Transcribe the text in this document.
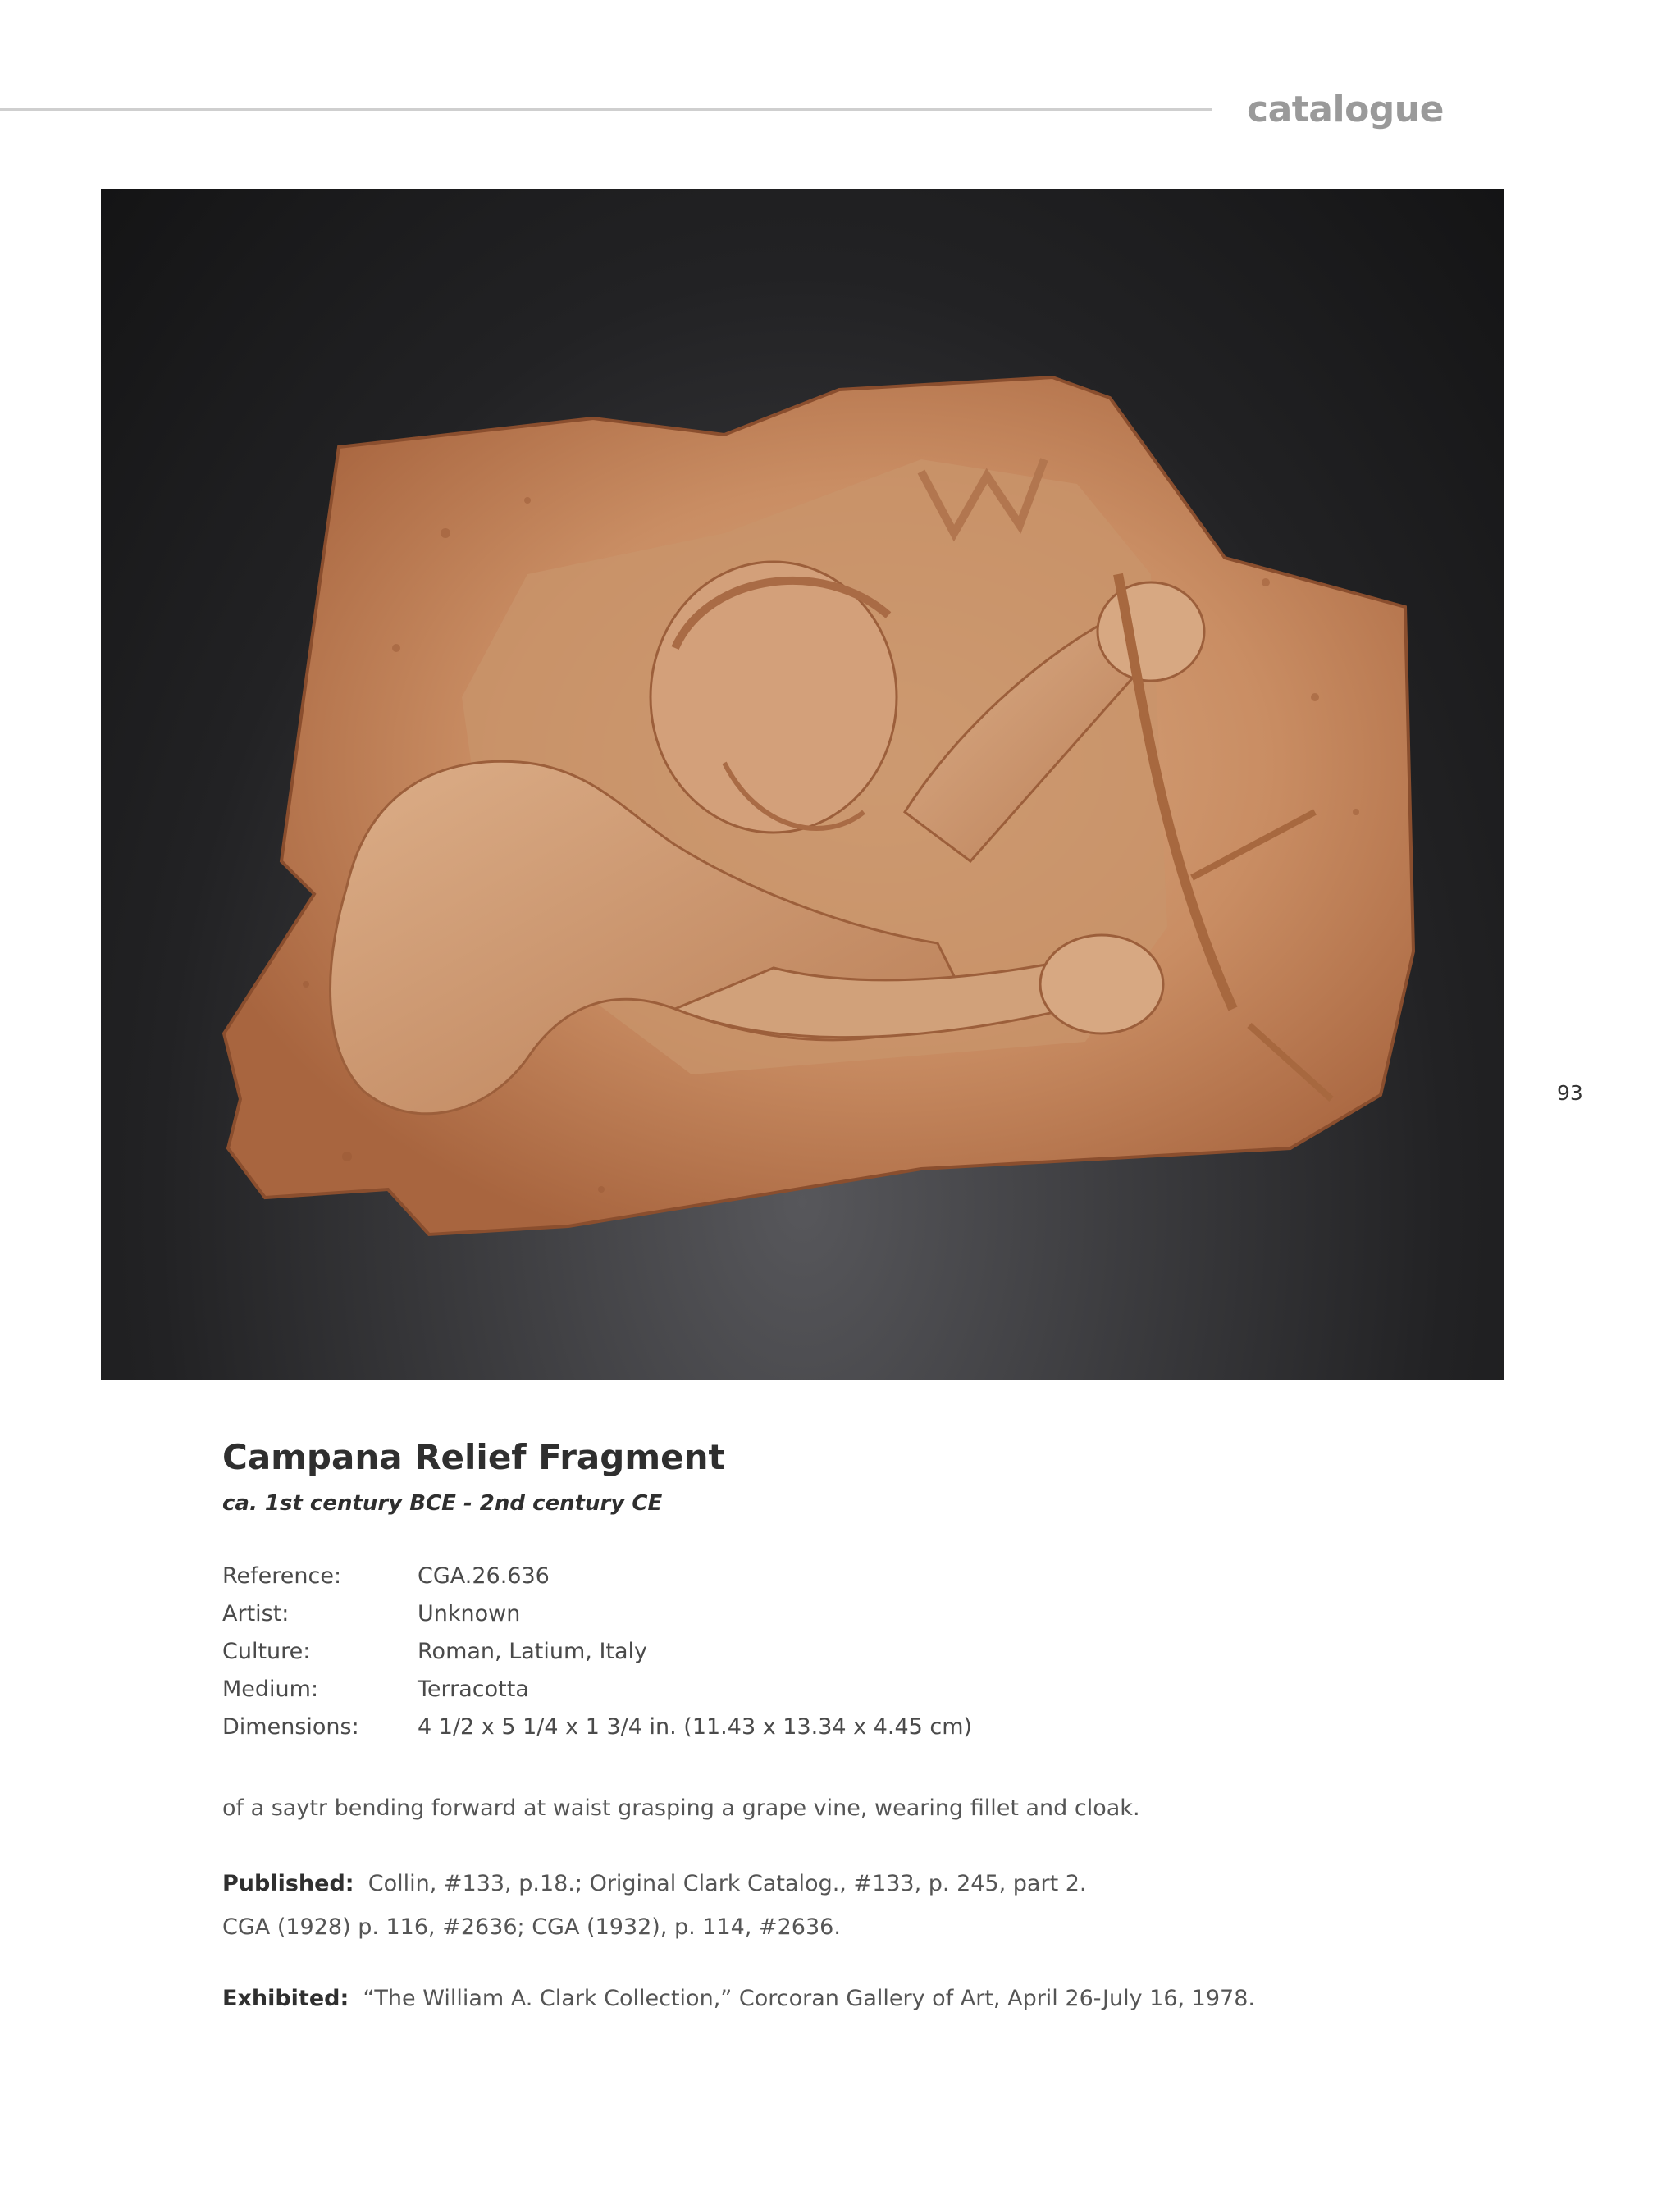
catalogue
93
Campana Relief Fragment
ca. 1st century BCE - 2nd century CE
Reference:	CGA.26.636
Artist:	Unknown
Culture:	Roman, Latium, Italy
Medium:	Terracotta
Dimensions:	4 1/2 x 5 1/4 x 1 3/4 in. (11.43 x 13.34 x 4.45 cm)
of a saytr bending forward at waist grasping a grape vine, wearing fillet and cloak.
Published: Collin, #133, p.18.; Original Clark Catalog., #133, p. 245, part 2.
CGA (1928) p. 116, #2636; CGA (1932), p. 114, #2636.
Exhibited: “The William A. Clark Collection,” Corcoran Gallery of Art, April 26-July 16, 1978.
